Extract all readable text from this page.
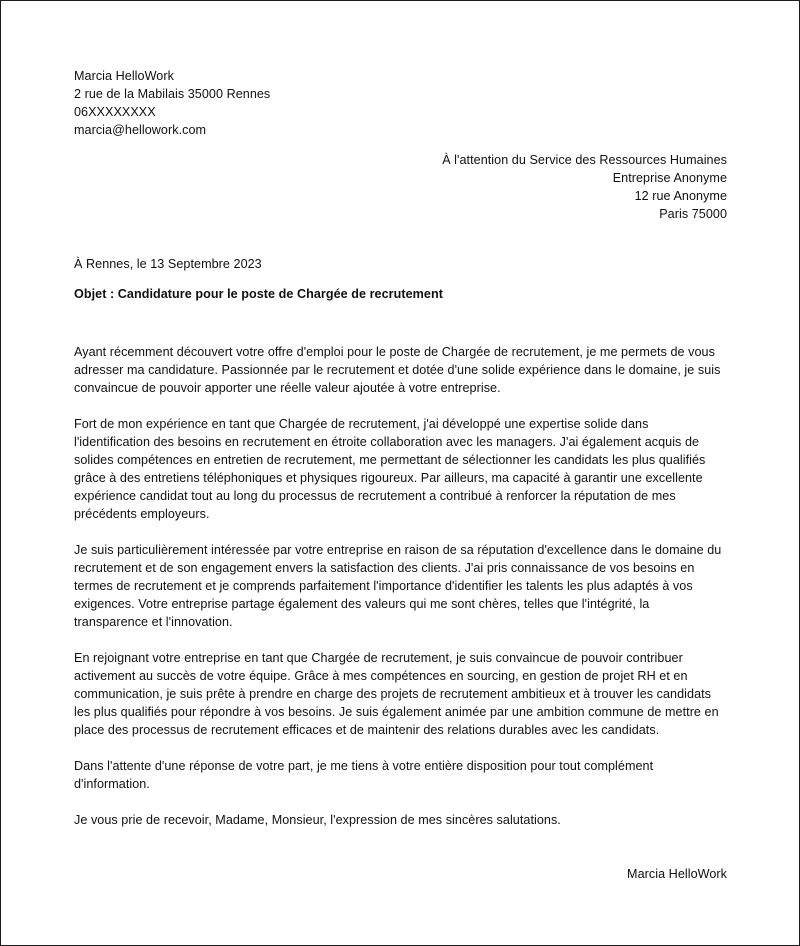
Marcia HelloWork
2 rue de la Mabilais 35000 Rennes
06XXXXXXXX
marcia@hellowork.com
À l'attention du Service des Ressources Humaines
Entreprise Anonyme
12 rue Anonyme
Paris 75000
À Rennes, le 13 Septembre 2023
Objet : Candidature pour le poste de Chargée de recrutement
Ayant récemment découvert votre offre d'emploi pour le poste de Chargée de recrutement, je me permets de vous
adresser ma candidature. Passionnée par le recrutement et dotée d'une solide expérience dans le domaine, je suis
convaincue de pouvoir apporter une réelle valeur ajoutée à votre entreprise.
Fort de mon expérience en tant que Chargée de recrutement, j'ai développé une expertise solide dans
l'identification des besoins en recrutement en étroite collaboration avec les managers. J'ai également acquis de
solides compétences en entretien de recrutement, me permettant de sélectionner les candidats les plus qualifiés
grâce à des entretiens téléphoniques et physiques rigoureux. Par ailleurs, ma capacité à garantir une excellente
expérience candidat tout au long du processus de recrutement a contribué à renforcer la réputation de mes
précédents employeurs.
Je suis particulièrement intéressée par votre entreprise en raison de sa réputation d'excellence dans le domaine du
recrutement et de son engagement envers la satisfaction des clients. J'ai pris connaissance de vos besoins en
termes de recrutement et je comprends parfaitement l'importance d'identifier les talents les plus adaptés à vos
exigences. Votre entreprise partage également des valeurs qui me sont chères, telles que l'intégrité, la
transparence et l'innovation.
En rejoignant votre entreprise en tant que Chargée de recrutement, je suis convaincue de pouvoir contribuer
activement au succès de votre équipe. Grâce à mes compétences en sourcing, en gestion de projet RH et en
communication, je suis prête à prendre en charge des projets de recrutement ambitieux et à trouver les candidats
les plus qualifiés pour répondre à vos besoins. Je suis également animée par une ambition commune de mettre en
place des processus de recrutement efficaces et de maintenir des relations durables avec les candidats.
Dans l'attente d'une réponse de votre part, je me tiens à votre entière disposition pour tout complément
d'information.
Je vous prie de recevoir, Madame, Monsieur, l'expression de mes sincères salutations.
Marcia HelloWork
